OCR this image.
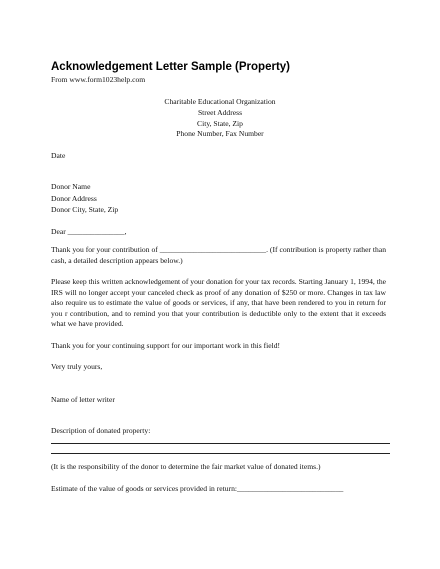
Acknowledgement Letter Sample (Property)
From www.form1023help.com
Charitable Educational Organization
Street Address
City, State, Zip
Phone Number, Fax Number
Date
Donor Name
Donor Address
Donor City, State, Zip
Dear _______________,
Thank you for your contribution of ____________________________. (If contribution is property rather than cash, a detailed description appears below.)
Please keep this written acknowledgement of your donation for your tax records. Starting January 1, 1994, the IRS will no longer accept your canceled check as proof of any donation of $250 or more. Changes in tax law also require us to estimate the value of goods or services, if any, that have been rendered to you in return for you r contribution, and to remind you that your contribution is deductible only to the extent that it exceeds what we have provided.
Thank you for your continuing support for our important work in this field!
Very truly yours,
Name of letter writer
Description of donated property:
(It is the responsibility of the donor to determine the fair market value of donated items.)
Estimate of the value of goods or services provided in return:____________________________
